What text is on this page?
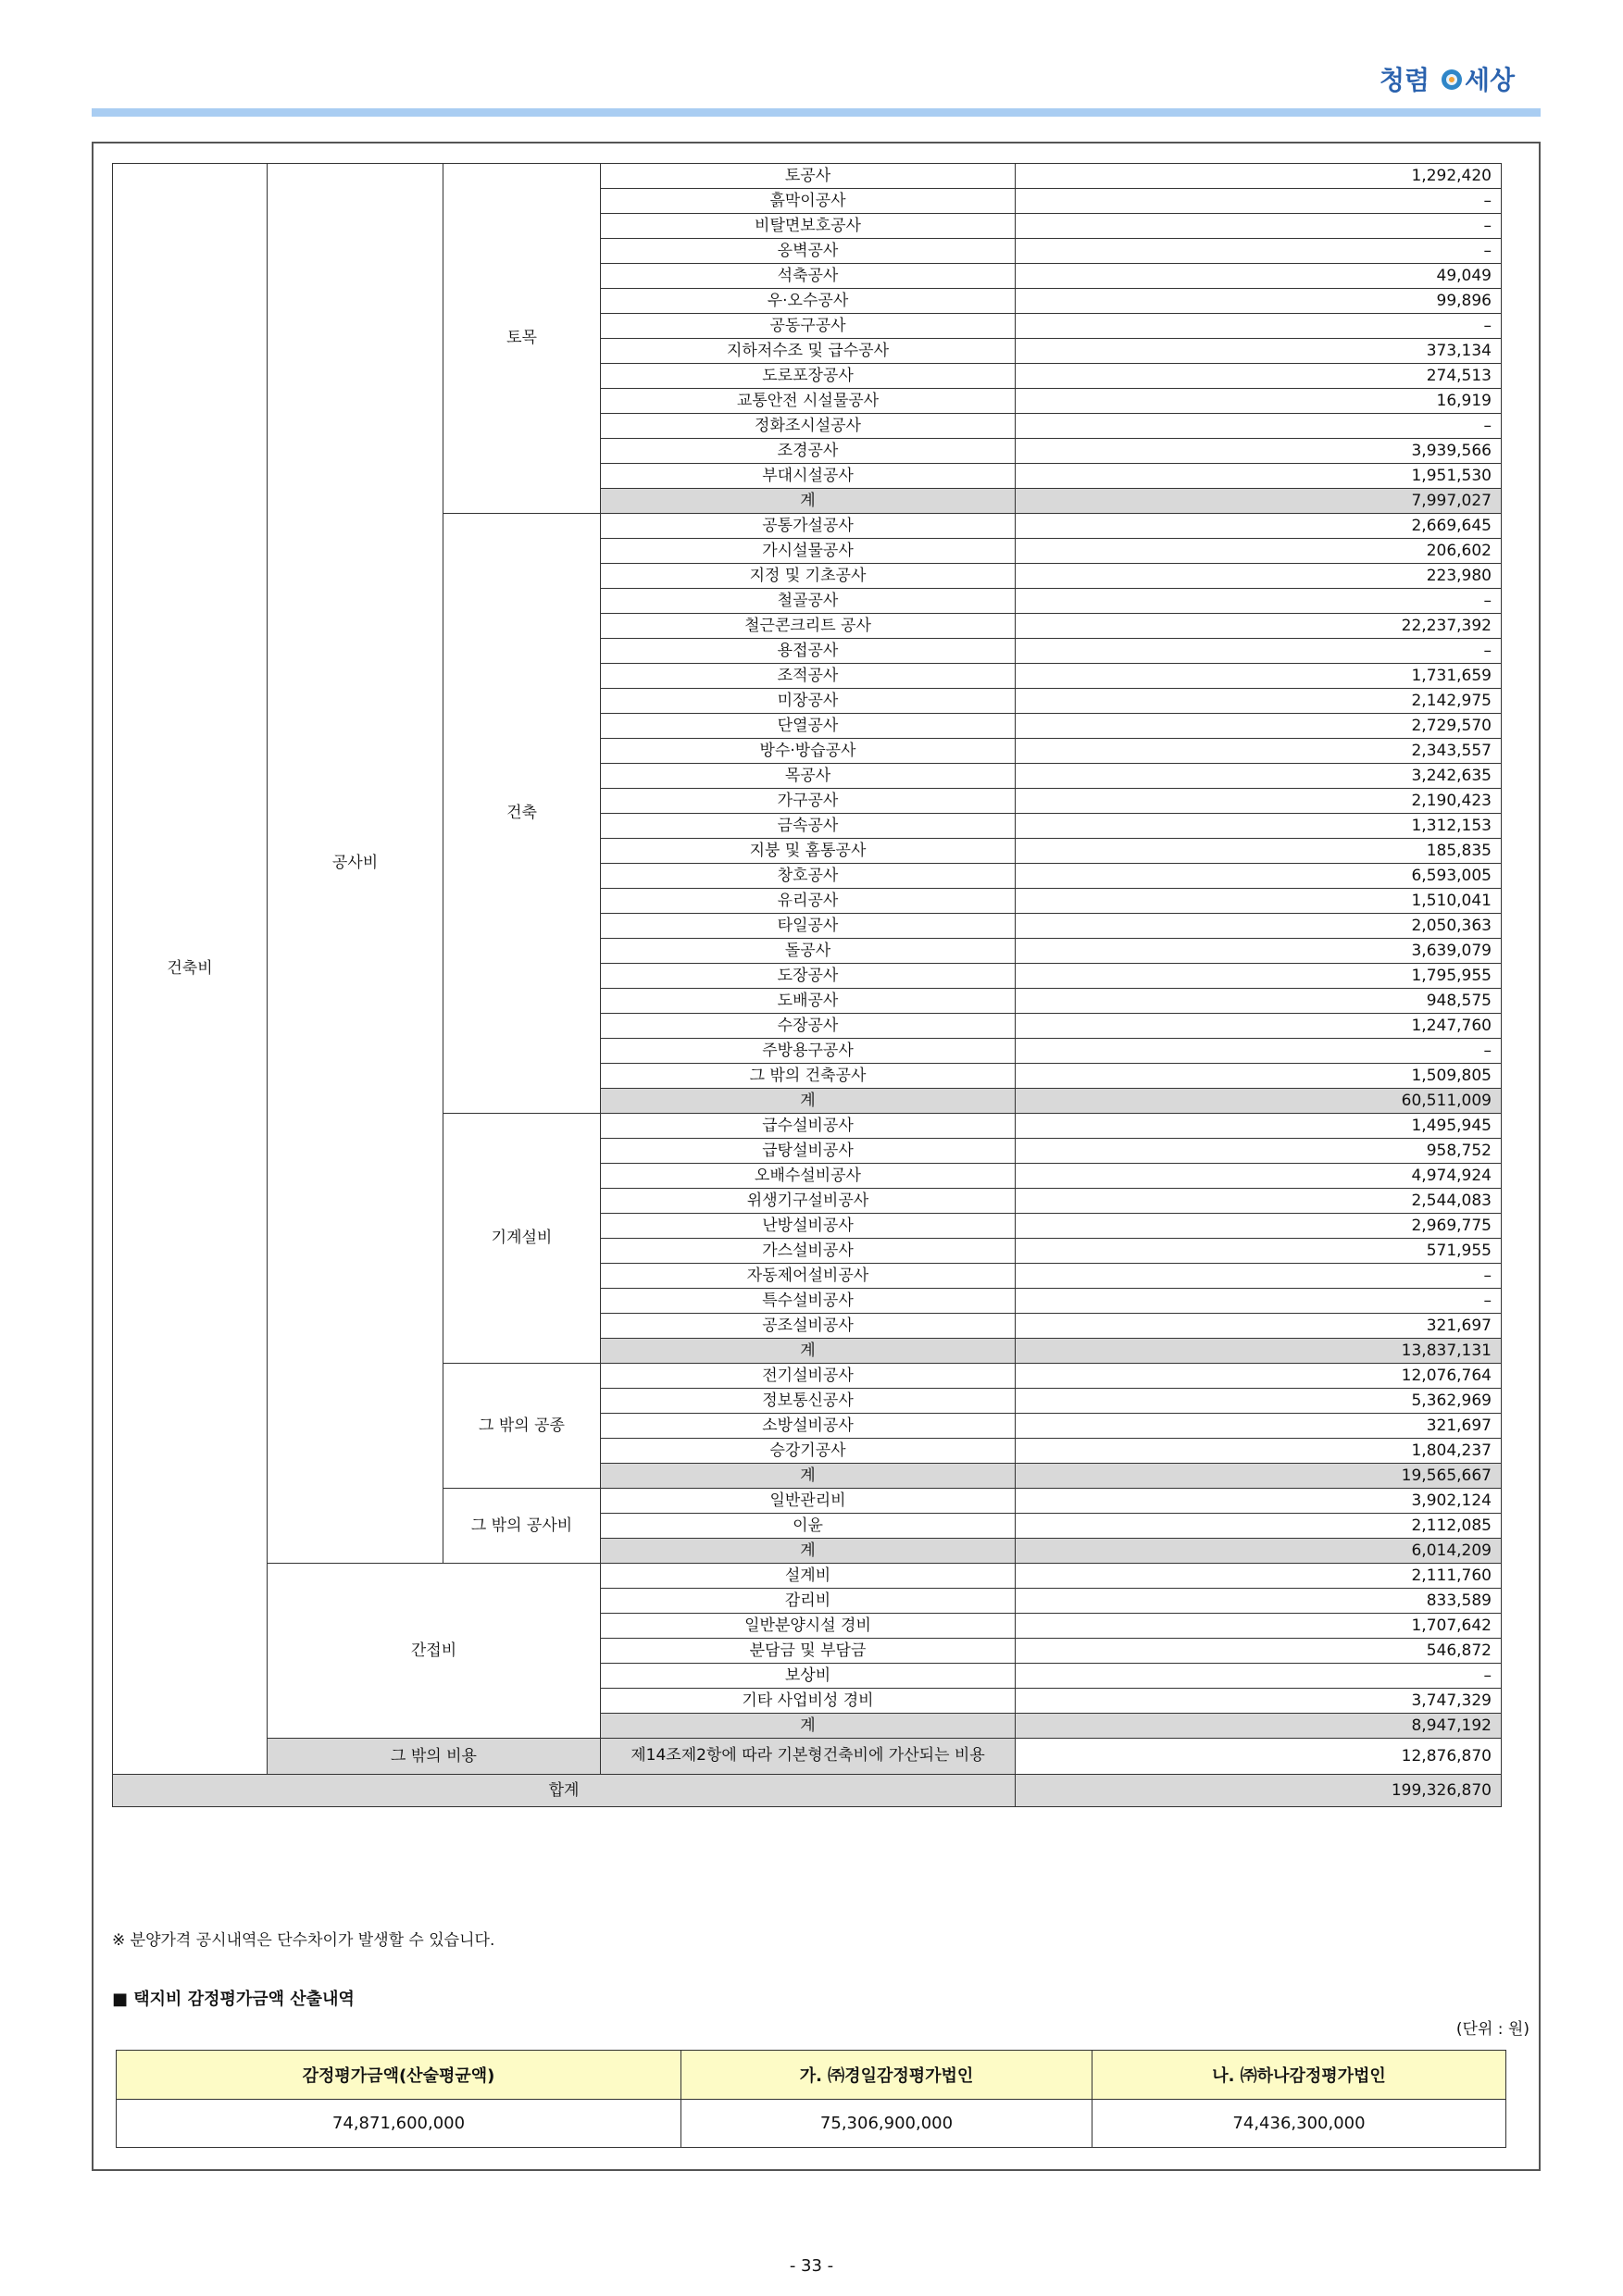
청렴 세상
건축비	공사비	토목	토공사	1,292,420
			흙막이공사	–
			비탈면보호공사	–
			옹벽공사	–
			석축공사	49,049
			우·오수공사	99,896
			공동구공사	–
			지하저수조 및 급수공사	373,134
			도로포장공사	274,513
			교통안전 시설물공사	16,919
			정화조시설공사	–
			조경공사	3,939,566
			부대시설공사	1,951,530
			계	7,997,027
		건축	공통가설공사	2,669,645
			가시설물공사	206,602
			지정 및 기초공사	223,980
			철골공사	–
			철근콘크리트 공사	22,237,392
			용접공사	–
			조적공사	1,731,659
			미장공사	2,142,975
			단열공사	2,729,570
			방수·방습공사	2,343,557
			목공사	3,242,635
			가구공사	2,190,423
			금속공사	1,312,153
			지붕 및 홈통공사	185,835
			창호공사	6,593,005
			유리공사	1,510,041
			타일공사	2,050,363
			돌공사	3,639,079
			도장공사	1,795,955
			도배공사	948,575
			수장공사	1,247,760
			주방용구공사	–
			그 밖의 건축공사	1,509,805
			계	60,511,009
		기계설비	급수설비공사	1,495,945
			급탕설비공사	958,752
			오배수설비공사	4,974,924
			위생기구설비공사	2,544,083
			난방설비공사	2,969,775
			가스설비공사	571,955
			자동제어설비공사	–
			특수설비공사	–
			공조설비공사	321,697
			계	13,837,131
		그 밖의 공종	전기설비공사	12,076,764
			정보통신공사	5,362,969
			소방설비공사	321,697
			승강기공사	1,804,237
			계	19,565,667
		그 밖의 공사비	일반관리비	3,902,124
			이윤	2,112,085
			계	6,014,209
	간접비		설계비	2,111,760
			감리비	833,589
			일반분양시설 경비	1,707,642
			분담금 및 부담금	546,872
			보상비	–
			기타 사업비성 경비	3,747,329
			계	8,947,192
	그 밖의 비용		제14조제2항에 따라 기본형건축비에 가산되는 비용	12,876,870
합계				199,326,870
※ 분양가격 공시내역은 단수차이가 발생할 수 있습니다.
■ 택지비 감정평가금액 산출내역
(단위 : 원)
감정평가금액(산술평균액)	가. ㈜경일감정평가법인	나. ㈜하나감정평가법인
74,871,600,000	75,306,900,000	74,436,300,000
- 33 -
